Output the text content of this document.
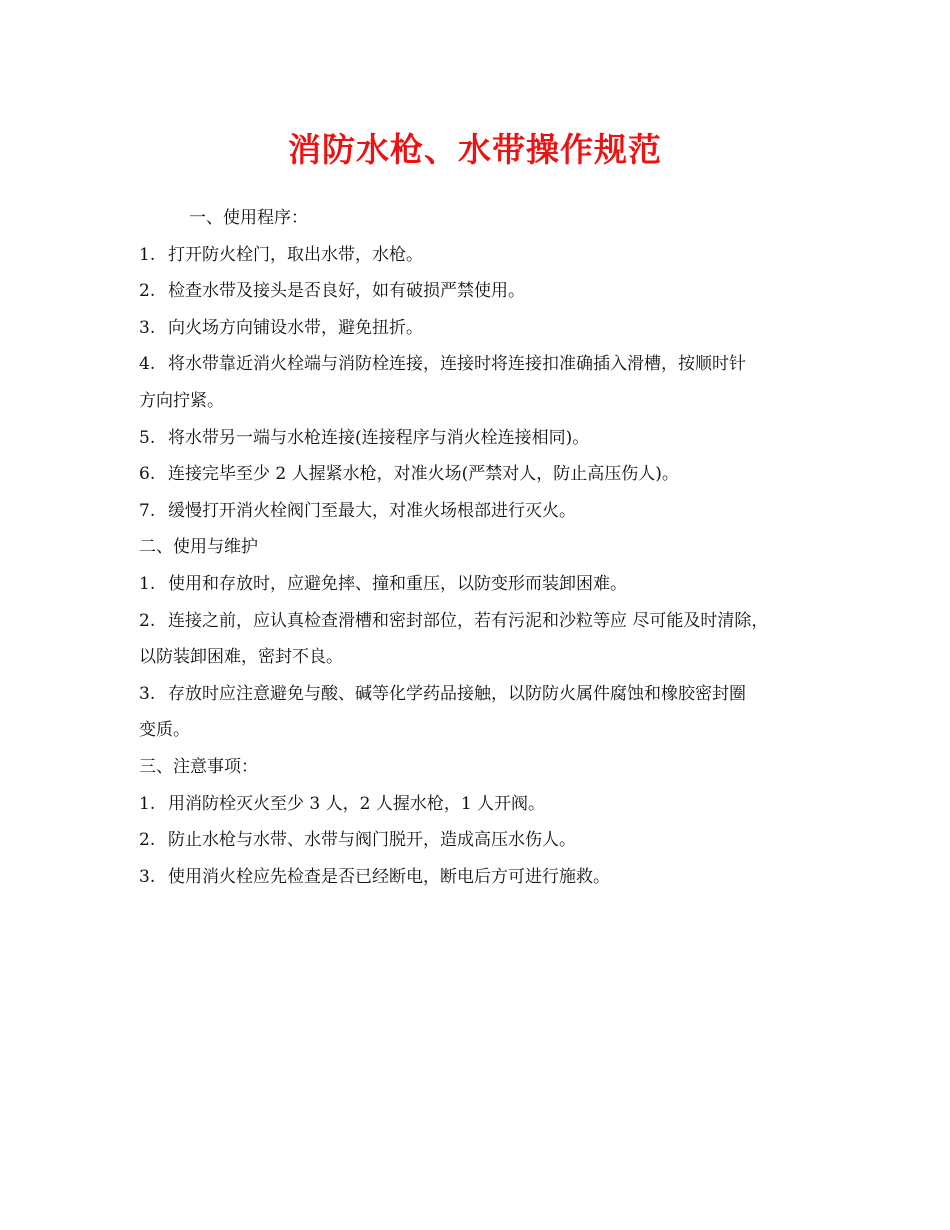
消防水枪、水带操作规范
一、使用程序：
1. 打开防火栓门，取出水带，水枪。
2. 检查水带及接头是否良好，如有破损严禁使用。
3. 向火场方向铺设水带，避免扭折。
4. 将水带靠近消火栓端与消防栓连接，连接时将连接扣准确插入滑槽，按顺时针
方向拧紧。
5. 将水带另一端与水枪连接(连接程序与消火栓连接相同)。
6. 连接完毕至少 2 人握紧水枪，对准火场(严禁对人，防止高压伤人)。
7. 缓慢打开消火栓阀门至最大，对准火场根部进行灭火。
二、使用与维护
1. 使用和存放时，应避免摔、撞和重压，以防变形而装卸困难。
2. 连接之前，应认真检查滑槽和密封部位，若有污泥和沙粒等应 尽可能及时清除，
以防装卸困难，密封不良。
3. 存放时应注意避免与酸、碱等化学药品接触，以防防火属件腐蚀和橡胶密封圈
变质。
三、注意事项：
1. 用消防栓灭火至少 3 人，2 人握水枪，1 人开阀。
2. 防止水枪与水带、水带与阀门脱开，造成高压水伤人。
3. 使用消火栓应先检查是否已经断电，断电后方可进行施救。
